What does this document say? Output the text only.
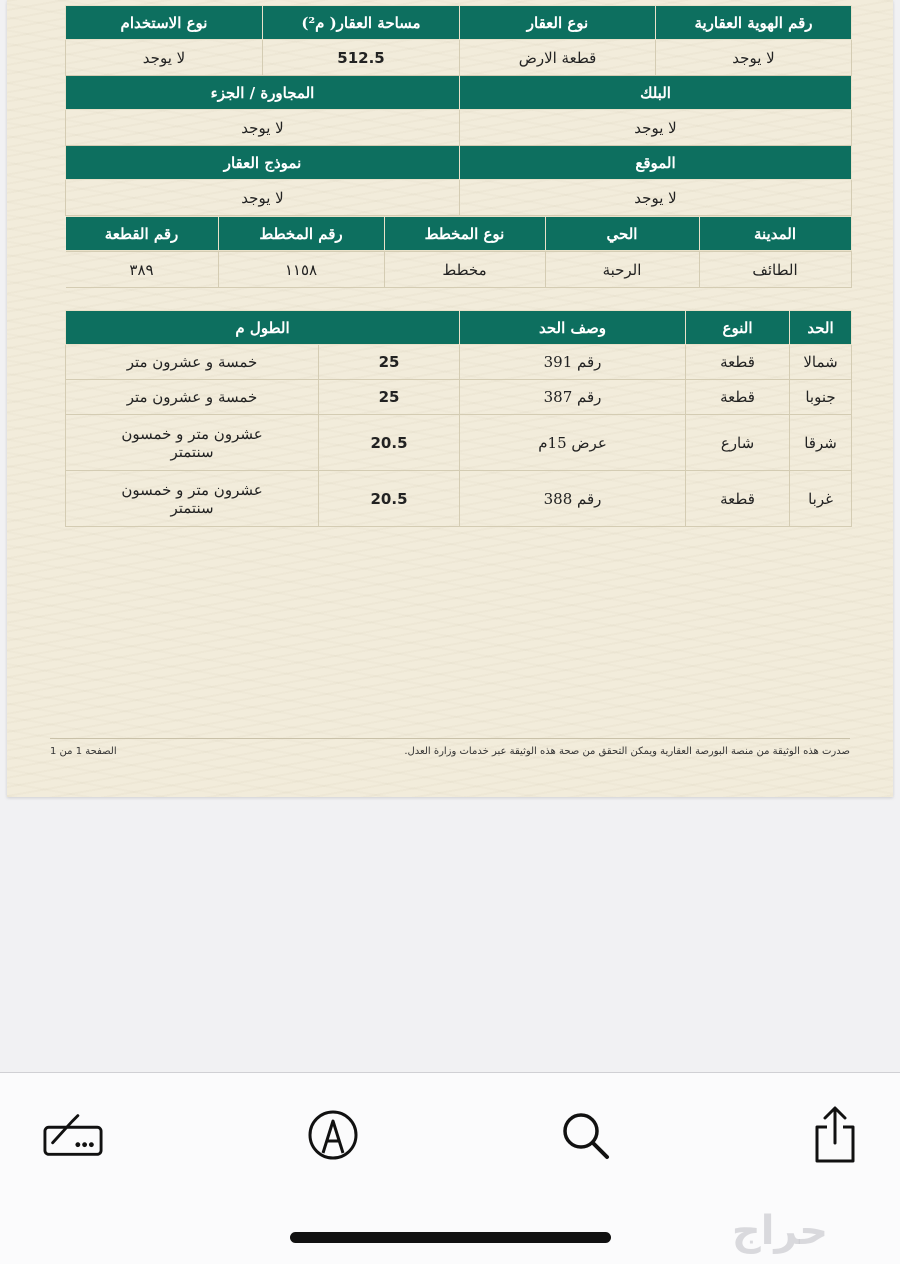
رقم الهوية العقارية	نوع العقار	مساحة العقار( م²)	نوع الاستخدام
لا يوجد	قطعة الارض	512.5	لا يوجد
البلك	المجاورة / الجزء
لا يوجد	لا يوجد
الموقع	نموذج العقار
لا يوجد	لا يوجد

المدينة	الحي	نوع المخطط	رقم المخطط	رقم القطعة

الطائف	الرحبة	مخطط	١١٥٨	٣٨٩
الحد	النوع	وصف الحد	الطول م	
شمالا	قطعة	رقم 391	25	خمسة و عشرون متر
جنوبا	قطعة	رقم 387	25	خمسة و عشرون متر
شرقا	شارع	عرض 15م	20.5	عشرون متر و خمسون سنتمتر
غربا	قطعة	رقم 388	20.5	عشرون متر و خمسون سنتمتر
صدرت هذه الوثيقة من منصة البورصة العقارية ويمكن التحقق من صحة هذه الوثيقة عبر خدمات وزارة العدل.
الصفحة 1 من 1
حراج
